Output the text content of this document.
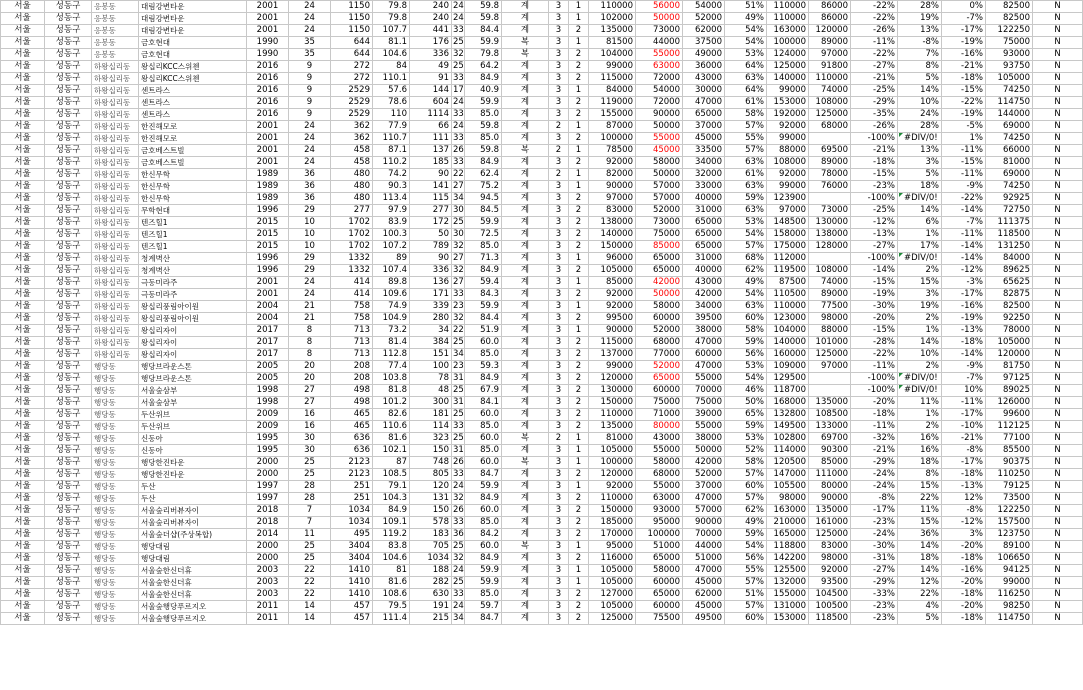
서울	성동구	응봉동	대림강변타운	2001	24	1150	79.8	240	24	59.8	계	3	1	110000	56000	54000	51%	110000	86000	-22%	28%	0%	82500	N
서울	성동구	응봉동	대림강변타운	2001	24	1150	79.8	240	24	59.8	계	3	1	102000	50000	52000	49%	110000	86000	-22%	19%	-7%	82500	N
서울	성동구	응봉동	대림강변타운	2001	24	1150	107.7	441	33	84.4	계	3	2	135000	73000	62000	54%	163000	120000	-26%	13%	-17%	122250	N
서울	성동구	응봉동	금호현대	1990	35	644	81.1	176	25	59.9	복	3	1	81500	44000	37500	54%	100000	89000	-11%	-8%	-19%	75000	N
서울	성동구	응봉동	금호현대	1990	35	644	104.6	336	32	79.8	복	3	2	104000	55000	49000	53%	124000	97000	-22%	7%	-16%	93000	N
서울	성동구	하왕십리동	왕십리KCC스위첸	2016	9	272	84	49	25	64.2	계	3	2	99000	63000	36000	64%	125000	91800	-27%	8%	-21%	93750	N
서울	성동구	하왕십리동	왕십리KCC스위첸	2016	9	272	110.1	91	33	84.9	계	3	2	115000	72000	43000	63%	140000	110000	-21%	5%	-18%	105000	N
서울	성동구	하왕십리동	센트라스	2016	9	2529	57.6	144	17	40.9	계	3	1	84000	54000	30000	64%	99000	74000	-25%	14%	-15%	74250	N
서울	성동구	하왕십리동	센트라스	2016	9	2529	78.6	604	24	59.9	계	3	2	119000	72000	47000	61%	153000	108000	-29%	10%	-22%	114750	N
서울	성동구	하왕십리동	센트라스	2016	9	2529	110	1114	33	85.0	계	3	2	155000	90000	65000	58%	192000	125000	-35%	24%	-19%	144000	N
서울	성동구	하왕십리동	한진해모로	2001	24	362	77.9	66	24	59.8	계	2	1	87000	50000	37000	57%	92000	68000	-26%	28%	-5%	69000	N
서울	성동구	하왕십리동	한진해모로	2001	24	362	110.7	111	33	85.0	계	3	2	100000	55000	45000	55%	99000		-100%	#DIV/0!	1%	74250	N
서울	성동구	하왕십리동	금호베스트빌	2001	24	458	87.1	137	26	59.8	복	2	1	78500	45000	33500	57%	88000	69500	-21%	13%	-11%	66000	N
서울	성동구	하왕십리동	금호베스트빌	2001	24	458	110.2	185	33	84.9	계	3	2	92000	58000	34000	63%	108000	89000	-18%	3%	-15%	81000	N
서울	성동구	하왕십리동	한신무학	1989	36	480	74.2	90	22	62.4	계	2	1	82000	50000	32000	61%	92000	78000	-15%	5%	-11%	69000	N
서울	성동구	하왕십리동	한신무학	1989	36	480	90.3	141	27	75.2	계	3	1	90000	57000	33000	63%	99000	76000	-23%	18%	-9%	74250	N
서울	성동구	하왕십리동	한신무학	1989	36	480	113.4	115	34	94.5	계	3	2	97000	57000	40000	59%	123900		-100%	#DIV/0!	-22%	92925	N
서울	성동구	하왕십리동	무학현대	1996	29	277	97.9	277	30	84.5	계	3	2	83000	52000	31000	63%	97000	73000	-25%	14%	-14%	72750	N
서울	성동구	하왕십리동	텐즈힐1	2015	10	1702	83.9	172	25	59.9	계	3	2	138000	73000	65000	53%	148500	130000	-12%	6%	-7%	111375	N
서울	성동구	하왕십리동	텐즈힐1	2015	10	1702	100.3	50	30	72.5	계	3	2	140000	75000	65000	54%	158000	138000	-13%	1%	-11%	118500	N
서울	성동구	하왕십리동	텐즈힐1	2015	10	1702	107.2	789	32	85.0	계	3	2	150000	85000	65000	57%	175000	128000	-27%	17%	-14%	131250	N
서울	성동구	하왕십리동	청계벽산	1996	29	1332	89	90	27	71.3	계	3	1	96000	65000	31000	68%	112000		-100%	#DIV/0!	-14%	84000	N
서울	성동구	하왕십리동	청계벽산	1996	29	1332	107.4	336	32	84.9	계	3	2	105000	65000	40000	62%	119500	108000	-14%	2%	-12%	89625	N
서울	성동구	하왕십리동	극동미라주	2001	24	414	89.8	136	27	59.4	계	3	1	85000	42000	43000	49%	87500	74000	-15%	15%	-3%	65625	N
서울	성동구	하왕십리동	극동미라주	2001	24	414	109.6	171	33	84.3	계	3	2	92000	50000	42000	54%	110500	89000	-19%	3%	-17%	82875	N
서울	성동구	하왕십리동	왕십리풍림아이원	2004	21	758	74.9	339	23	59.9	계	3	1	92000	58000	34000	63%	110000	77500	-30%	19%	-16%	82500	N
서울	성동구	하왕십리동	왕십리풍림아이원	2004	21	758	104.9	280	32	84.4	계	3	2	99500	60000	39500	60%	123000	98000	-20%	2%	-19%	92250	N
서울	성동구	하왕십리동	왕십리자이	2017	8	713	73.2	34	22	51.9	계	3	1	90000	52000	38000	58%	104000	88000	-15%	1%	-13%	78000	N
서울	성동구	하왕십리동	왕십리자이	2017	8	713	81.4	384	25	60.0	계	3	2	115000	68000	47000	59%	140000	101000	-28%	14%	-18%	105000	N
서울	성동구	하왕십리동	왕십리자이	2017	8	713	112.8	151	34	85.0	계	3	2	137000	77000	60000	56%	160000	125000	-22%	10%	-14%	120000	N
서울	성동구	행당동	행당브라운스톤	2005	20	208	77.4	100	23	59.3	계	3	2	99000	52000	47000	53%	109000	97000	-11%	2%	-9%	81750	N
서울	성동구	행당동	행당브라운스톤	2005	20	208	103.8	78	31	84.9	계	3	2	120000	65000	55000	54%	129500		-100%	#DIV/0!	-7%	97125	N
서울	성동구	행당동	서울숲삼부	1998	27	498	81.8	48	25	67.9	계	3	2	130000	60000	70000	46%	118700		-100%	#DIV/0!	10%	89025	N
서울	성동구	행당동	서울숲삼부	1998	27	498	101.2	300	31	84.1	계	3	2	150000	75000	75000	50%	168000	135000	-20%	11%	-11%	126000	N
서울	성동구	행당동	두산위브	2009	16	465	82.6	181	25	60.0	계	3	2	110000	71000	39000	65%	132800	108500	-18%	1%	-17%	99600	N
서울	성동구	행당동	두산위브	2009	16	465	110.6	114	33	85.0	계	3	2	135000	80000	55000	59%	149500	133000	-11%	2%	-10%	112125	N
서울	성동구	행당동	신동아	1995	30	636	81.6	323	25	60.0	복	2	1	81000	43000	38000	53%	102800	69700	-32%	16%	-21%	77100	N
서울	성동구	행당동	신동아	1995	30	636	102.1	150	31	85.0	계	3	1	105000	55000	50000	52%	114000	90300	-21%	16%	-8%	85500	N
서울	성동구	행당동	행당한진타운	2000	25	2123	87	748	26	60.0	복	3	1	100000	58000	42000	58%	120500	85000	-29%	18%	-17%	90375	N
서울	성동구	행당동	행당한진타운	2000	25	2123	108.5	805	33	84.7	계	3	2	120000	68000	52000	57%	147000	111000	-24%	8%	-18%	110250	N
서울	성동구	행당동	두산	1997	28	251	79.1	120	24	59.9	계	3	1	92000	55000	37000	60%	105500	80000	-24%	15%	-13%	79125	N
서울	성동구	행당동	두산	1997	28	251	104.3	131	32	84.9	계	3	2	110000	63000	47000	57%	98000	90000	-8%	22%	12%	73500	N
서울	성동구	행당동	서울숲리버뷰자이	2018	7	1034	84.9	150	26	60.0	계	3	2	150000	93000	57000	62%	163000	135000	-17%	11%	-8%	122250	N
서울	성동구	행당동	서울숲리버뷰자이	2018	7	1034	109.1	578	33	85.0	계	3	2	185000	95000	90000	49%	210000	161000	-23%	15%	-12%	157500	N
서울	성동구	행당동	서울숲더샵(주상복합)	2014	11	495	119.2	183	36	84.2	계	3	2	170000	100000	70000	59%	165000	125000	-24%	36%	3%	123750	N
서울	성동구	행당동	행당대림	2000	25	3404	83.8	705	25	60.0	복	3	1	95000	51000	44000	54%	118800	83000	-30%	14%	-20%	89100	N
서울	성동구	행당동	행당대림	2000	25	3404	104.6	1034	32	84.9	계	3	2	116000	65000	51000	56%	142200	98000	-31%	18%	-18%	106650	N
서울	성동구	행당동	서울숲한신더휴	2003	22	1410	81	188	24	59.9	계	3	1	105000	58000	47000	55%	125500	92000	-27%	14%	-16%	94125	N
서울	성동구	행당동	서울숲한신더휴	2003	22	1410	81.6	282	25	59.9	계	3	1	105000	60000	45000	57%	132000	93500	-29%	12%	-20%	99000	N
서울	성동구	행당동	서울숲한신더휴	2003	22	1410	108.6	630	33	85.0	계	3	2	127000	65000	62000	51%	155000	104500	-33%	22%	-18%	116250	N
서울	성동구	행당동	서울숲행당푸르지오	2011	14	457	79.5	191	24	59.7	계	3	2	105000	60000	45000	57%	131000	100500	-23%	4%	-20%	98250	N
서울	성동구	행당동	서울숲행당푸르지오	2011	14	457	111.4	215	34	84.7	계	3	2	125000	75500	49500	60%	153000	118500	-23%	5%	-18%	114750	N
